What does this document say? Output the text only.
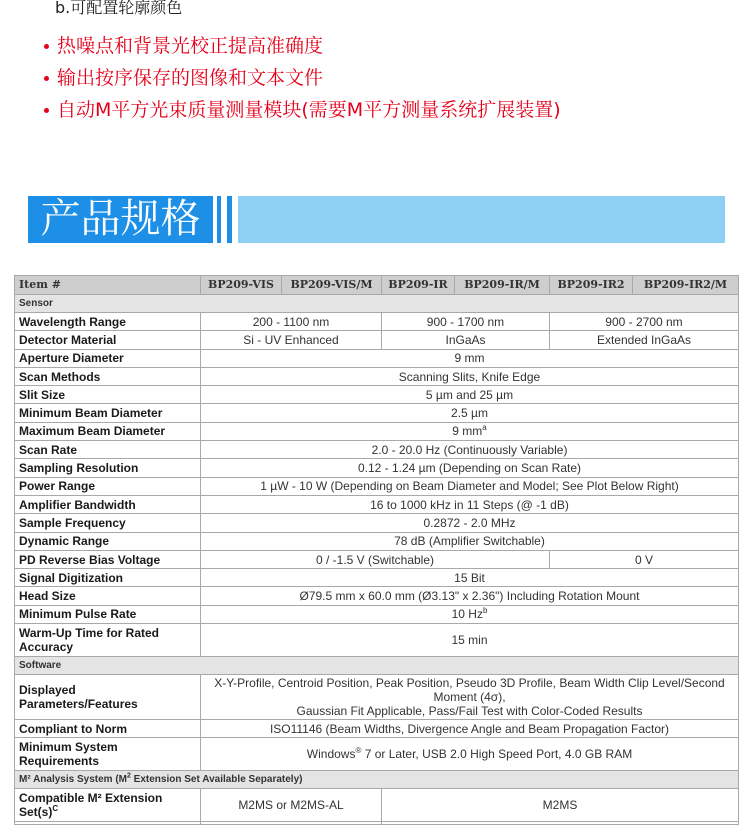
b.可配置轮廓颜色
热噪点和背景光校正提高准确度
输出按序保存的图像和文本文件
自动M平方光束质量测量模块(需要M平方测量系统扩展装置)
产品规格
Item #	BP209-VIS	BP209-VIS/M	BP209-IR	BP209-IR/M	BP209-IR2	BP209-IR2/M
Sensor						
Wavelength Range	200 - 1100 nm		900 - 1700 nm		900 - 2700 nm	
Detector Material	Si - UV Enhanced		InGaAs		Extended InGaAs	
Aperture Diameter	9 mm					
Scan Methods	Scanning Slits, Knife Edge					
Slit Size	5 µm and 25 µm					
Minimum Beam Diameter	2.5 µm					
Maximum Beam Diameter	9 $mm^a$
Scan Rate	2.0 - 20.0 Hz (Continuously Variable)					
Sampling Resolution	0.12 - 1.24 µm (Depending on Scan Rate)					
Power Range	1 µW - 10 W (Depending on Beam Diameter and Model; See Plot Below Right)					
Amplifier Bandwidth	16 to 1000 kHz in 11 Steps (@ -1 dB)					
Sample Frequency	0.2872 - 2.0 MHz					
Dynamic Range	78 dB (Amplifier Switchable)					
PD Reverse Bias Voltage	0 / -1.5 V (Switchable)				0 V	
Signal Digitization	15 Bit					
Head Size	Ø79.5 mm x 60.0 mm (Ø3.13" x 2.36") Including Rotation Mount					
Minimum Pulse Rate	10 Hz$^b$
Warm-Up Time for Rated Accuracy	15 min					
Software						
Displayed Parameters/Features	X-Y-Profile, Centroid Position, Peak Position, Pseudo 3D Profile, Beam Width Clip Level/Second Moment (4σ),
Gaussian Fit Applicable, Pass/Fail Test with Color-Coded Results					
Compliant to Norm	ISO11146 (Beam Widths, Divergence Angle and Beam Propagation Factor)					
Minimum System Requirements	Windows® 7 or Later, USB 2.0 High Speed Port, 4.0 GB RAM					
M² Analysis System ($M^2$ Extension Set Available Separately)						
Compatible M² Extension $Set(s)^C$	M2MS or M2MS-AL		M2MS			
